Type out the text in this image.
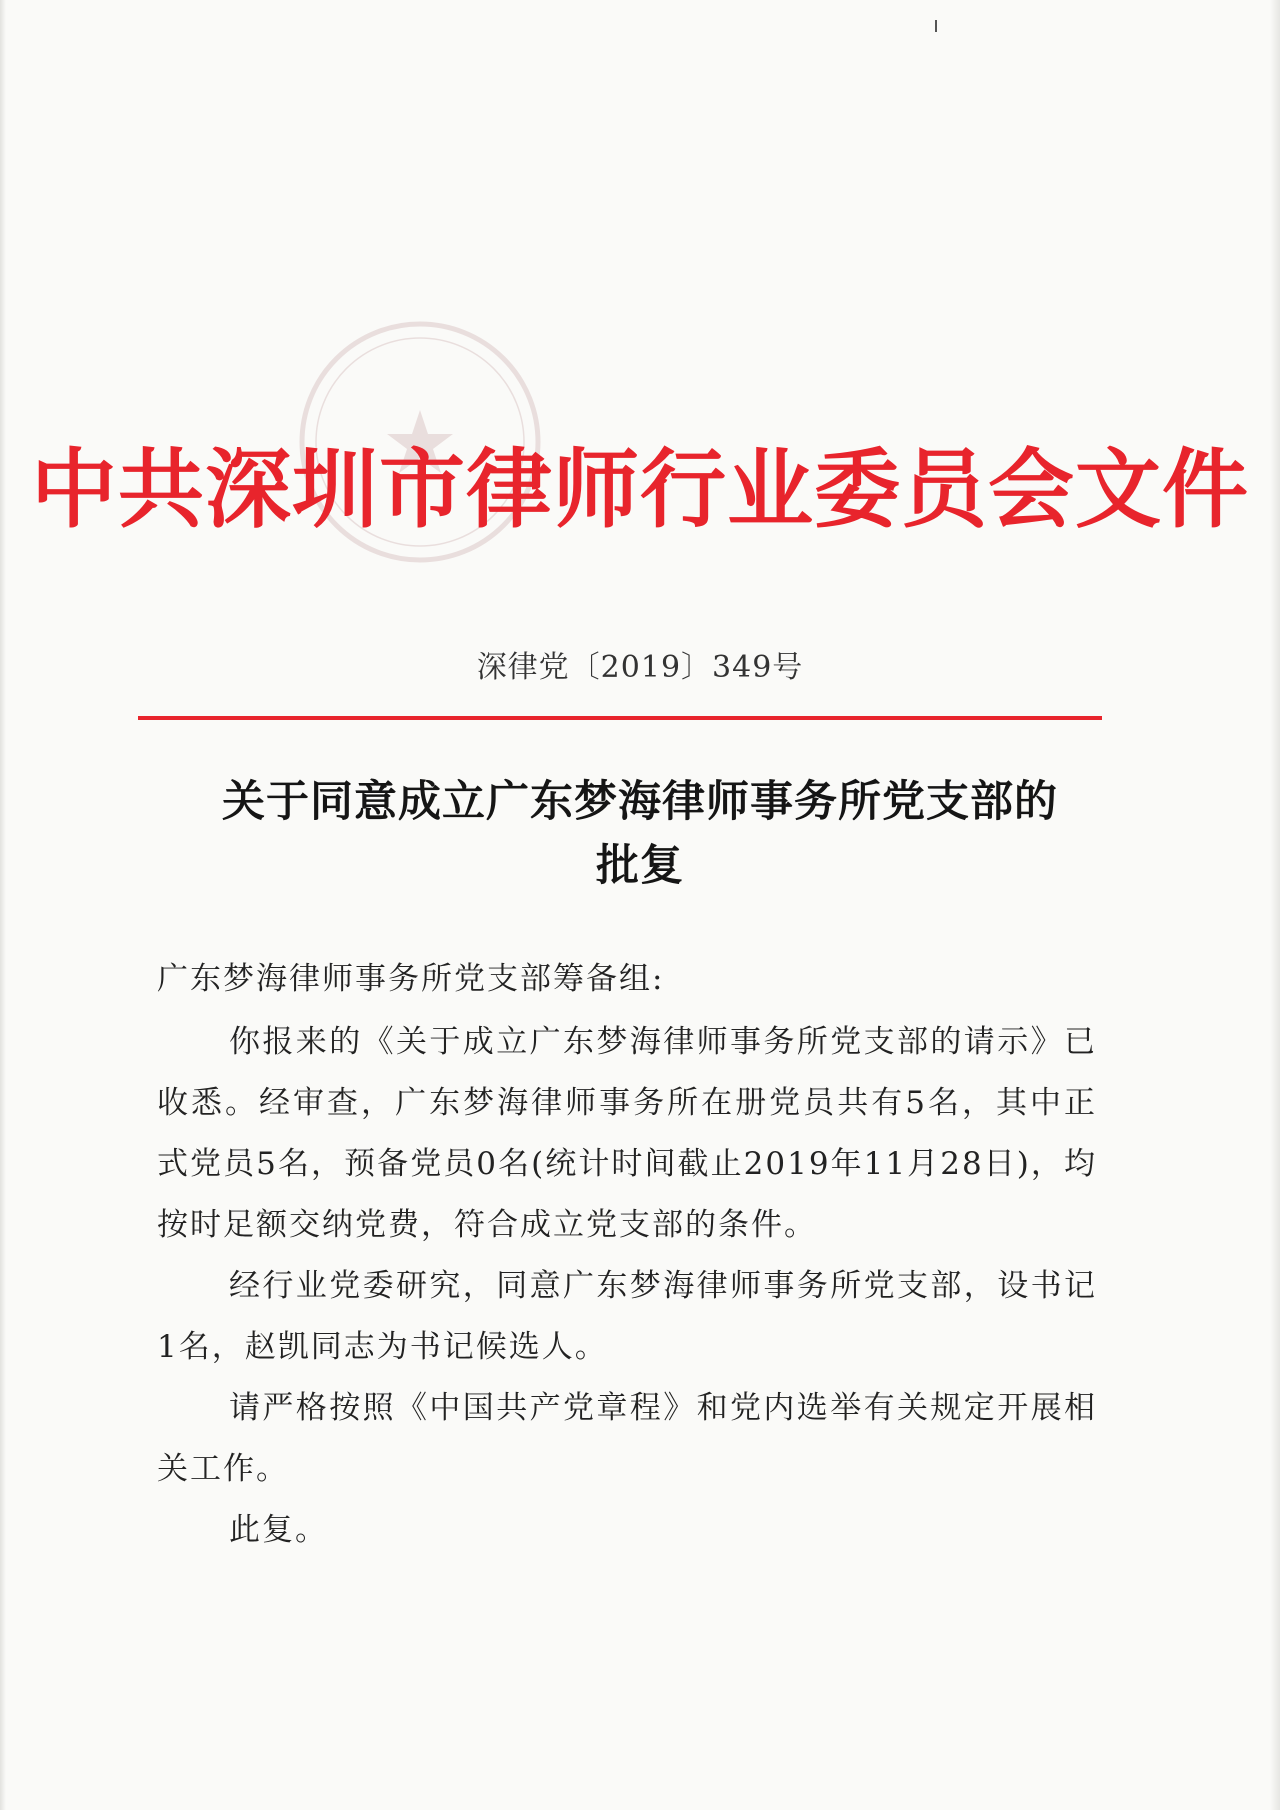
中共深圳市律师行业委员会文件
深律党〔2019〕349号
关于同意成立广东梦海律师事务所党支部的
批复
广东梦海律师事务所党支部筹备组:
你报来的《关于成立广东梦海律师事务所党支部的请示》已收悉。经审查，广东梦海律师事务所在册党员共有5名，其中正式党员5名，预备党员0名(统计时间截止2019年11月28日)，均按时足额交纳党费，符合成立党支部的条件。
经行业党委研究，同意广东梦海律师事务所党支部，设书记1名，赵凯同志为书记候选人。
请严格按照《中国共产党章程》和党内选举有关规定开展相关工作。
此复。
